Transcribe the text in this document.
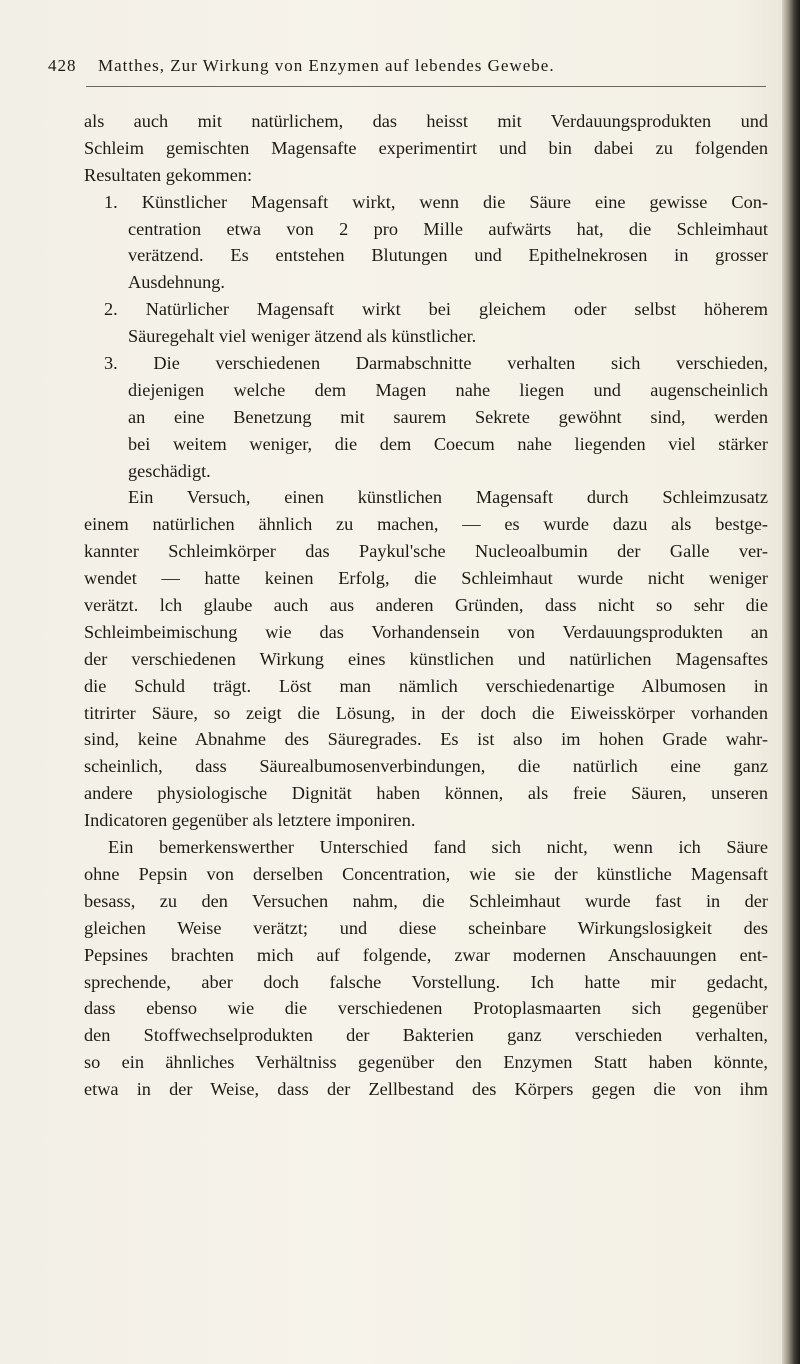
428	Matthes, Zur Wirkung von Enzymen auf lebendes Gewebe.
als auch mit natürlichem, das heisst mit Verdauungsprodukten und
Schleim gemischten Magensafte experimentirt und bin dabei zu folgenden
Resultaten gekommen:
1. Künstlicher Magensaft wirkt, wenn die Säure eine gewisse Con-
centration etwa von 2 pro Mille aufwärts hat, die Schleimhaut
verätzend. Es entstehen Blutungen und Epithelnekrosen in grosser
Ausdehnung.
2. Natürlicher Magensaft wirkt bei gleichem oder selbst höherem
Säuregehalt viel weniger ätzend als künstlicher.
3. Die verschiedenen Darmabschnitte verhalten sich verschieden,
diejenigen welche dem Magen nahe liegen und augenscheinlich
an eine Benetzung mit saurem Sekrete gewöhnt sind, werden
bei weitem weniger, die dem Coecum nahe liegenden viel stärker
geschädigt.
Ein Versuch, einen künstlichen Magensaft durch Schleimzusatz
einem natürlichen ähnlich zu machen, — es wurde dazu als bestge-
kannter Schleimkörper das Paykul'sche Nucleoalbumin der Galle ver-
wendet — hatte keinen Erfolg, die Schleimhaut wurde nicht weniger
verätzt. lch glaube auch aus anderen Gründen, dass nicht so sehr die
Schleimbeimischung wie das Vorhandensein von Verdauungsprodukten an
der verschiedenen Wirkung eines künstlichen und natürlichen Magensaftes
die Schuld trägt. Löst man nämlich verschiedenartige Albumosen in
titrirter Säure, so zeigt die Lösung, in der doch die Eiweisskörper vorhanden
sind, keine Abnahme des Säuregrades. Es ist also im hohen Grade wahr-
scheinlich, dass Säurealbumosenverbindungen, die natürlich eine ganz
andere physiologische Dignität haben können, als freie Säuren, unseren
Indicatoren gegenüber als letztere imponiren.
Ein bemerkenswerther Unterschied fand sich nicht, wenn ich Säure
ohne Pepsin von derselben Concentration, wie sie der künstliche Magensaft
besass, zu den Versuchen nahm, die Schleimhaut wurde fast in der
gleichen Weise verätzt; und diese scheinbare Wirkungslosigkeit des
Pepsines brachten mich auf folgende, zwar modernen Anschauungen ent-
sprechende, aber doch falsche Vorstellung. Ich hatte mir gedacht,
dass ebenso wie die verschiedenen Protoplasmaarten sich gegenüber
den Stoffwechselprodukten der Bakterien ganz verschieden verhalten,
so ein ähnliches Verhältniss gegenüber den Enzymen Statt haben könnte,
etwa in der Weise, dass der Zellbestand des Körpers gegen die von ihm
